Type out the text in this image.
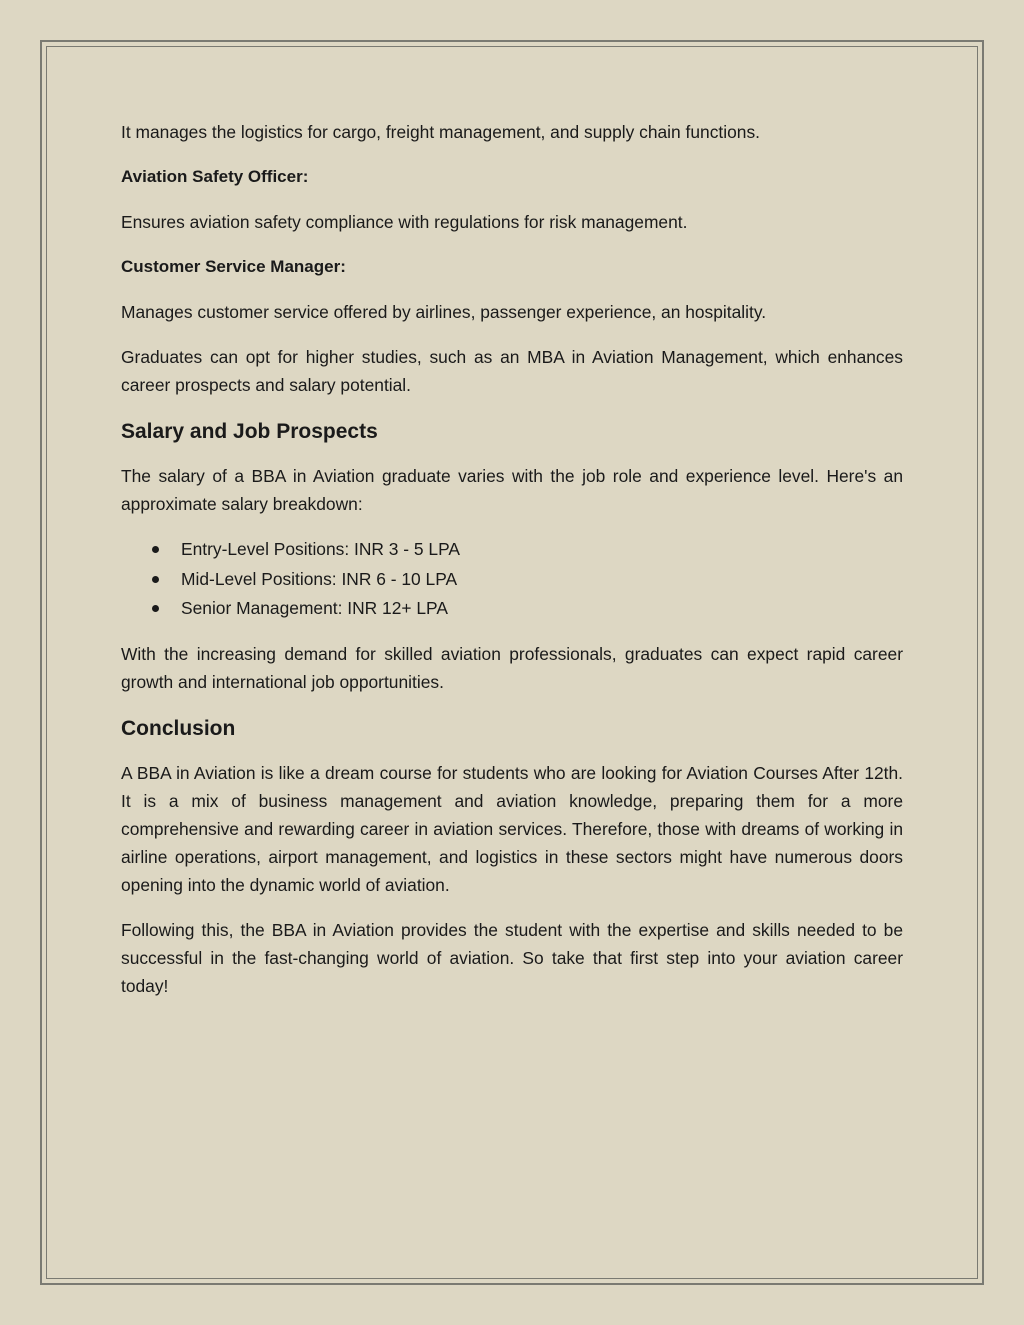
It manages the logistics for cargo, freight management, and supply chain functions.

Aviation Safety Officer:

Ensures aviation safety compliance with regulations for risk management.

Customer Service Manager:

Manages customer service offered by airlines, passenger experience, an hospitality.

Graduates can opt for higher studies, such as an MBA in Aviation Management, which enhances career prospects and salary potential.

Salary and Job Prospects

The salary of a BBA in Aviation graduate varies with the job role and experience level. Here's an approximate salary breakdown:

Entry-Level Positions: INR 3 - 5 LPA
Mid-Level Positions: INR 6 - 10 LPA
Senior Management: INR 12+ LPA

With the increasing demand for skilled aviation professionals, graduates can expect rapid career growth and international job opportunities.

Conclusion

A BBA in Aviation is like a dream course for students who are looking for Aviation Courses After 12th. It is a mix of business management and aviation knowledge, preparing them for a more comprehensive and rewarding career in aviation services. Therefore, those with dreams of working in airline operations, airport management, and logistics in these sectors might have numerous doors opening into the dynamic world of aviation.

Following this, the BBA in Aviation provides the student with the expertise and skills needed to be successful in the fast-changing world of aviation. So take that first step into your aviation career today!
